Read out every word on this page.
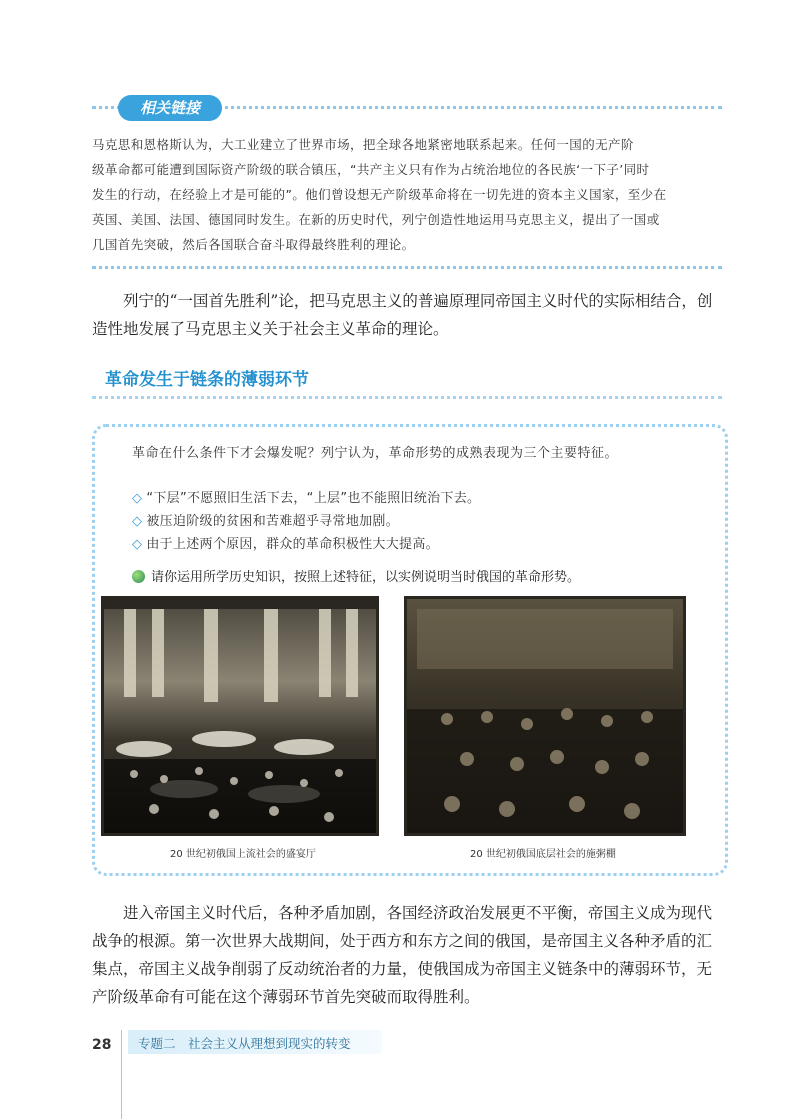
相关链接

马克思和恩格斯认为，大工业建立了世界市场，把全球各地紧密地联系起来。任何一国的无产阶

级革命都可能遭到国际资产阶级的联合镇压，“共产主义只有作为占统治地位的各民族‘一下子’同时

发生的行动，在经验上才是可能的”。他们曾设想无产阶级革命将在一切先进的资本主义国家，至少在

英国、美国、法国、德国同时发生。在新的历史时代，列宁创造性地运用马克思主义，提出了一国或

几国首先突破，然后各国联合奋斗取得最终胜利的理论。

列宁的“一国首先胜利”论，把马克思主义的普遍原理同帝国主义时代的实际相结合，创造性地发展了马克思主义关于社会主义革命的理论。

革命发生于链条的薄弱环节
革命在什么条件下才会爆发呢？列宁认为，革命形势的成熟表现为三个主要特征。
◇ “下层”不愿照旧生活下去，“上层”也不能照旧统治下去。
◇ 被压迫阶级的贫困和苦难超乎寻常地加剧。
◇ 由于上述两个原因，群众的革命积极性大大提高。
请你运用所学历史知识，按照上述特征，以实例说明当时俄国的革命形势。
20 世纪初俄国上流社会的盛宴厅	20 世纪初俄国底层社会的施粥棚

进入帝国主义时代后，各种矛盾加剧，各国经济政治发展更不平衡，帝国主义成为现代战争的根源。第一次世界大战期间，处于西方和东方之间的俄国，是帝国主义各种矛盾的汇集点，帝国主义战争削弱了反动统治者的力量，使俄国成为帝国主义链条中的薄弱环节，无产阶级革命有可能在这个薄弱环节首先突破而取得胜利。

28 专题二　社会主义从理想到现实的转变
